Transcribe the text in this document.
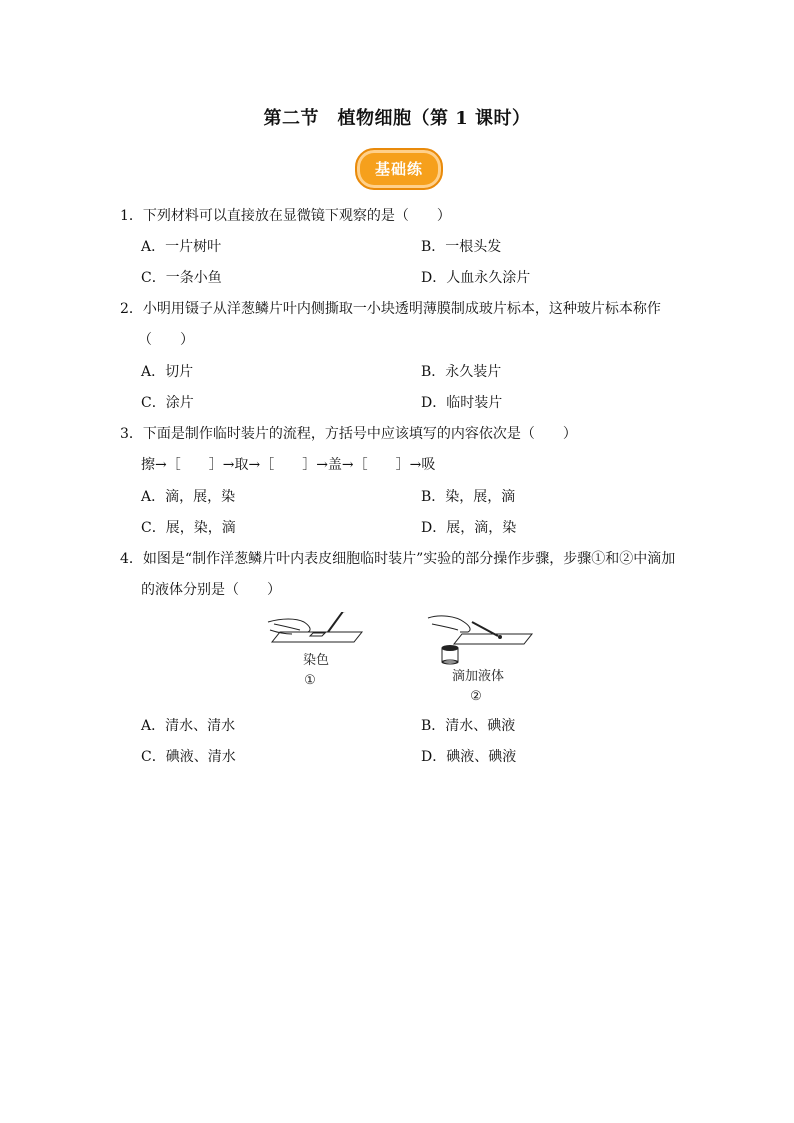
第二节　植物细胞（第 1 课时）
基础练
1．下列材料可以直接放在显微镜下观察的是（　　）
A．一片树叶	B．一根头发
C．一条小鱼	D．人血永久涂片
2．小明用镊子从洋葱鳞片叶内侧撕取一小块透明薄膜制成玻片标本，这种玻片标本称作
（　　）
A．切片	B．永久装片
C．涂片	D．临时装片
3．下面是制作临时装片的流程，方括号中应该填写的内容依次是（　　）
擦→［　　］→取→［　　］→盖→［　　］→吸
A．滴，展，染	B．染，展，滴
C．展，染，滴	D．展，滴，染
4．如图是“制作洋葱鳞片叶内表皮细胞临时装片”实验的部分操作步骤，步骤①和②中滴加
的液体分别是（　　）
染色
①	滴加液体
②
A．清水、清水	B．清水、碘液
C．碘液、清水	D．碘液、碘液
